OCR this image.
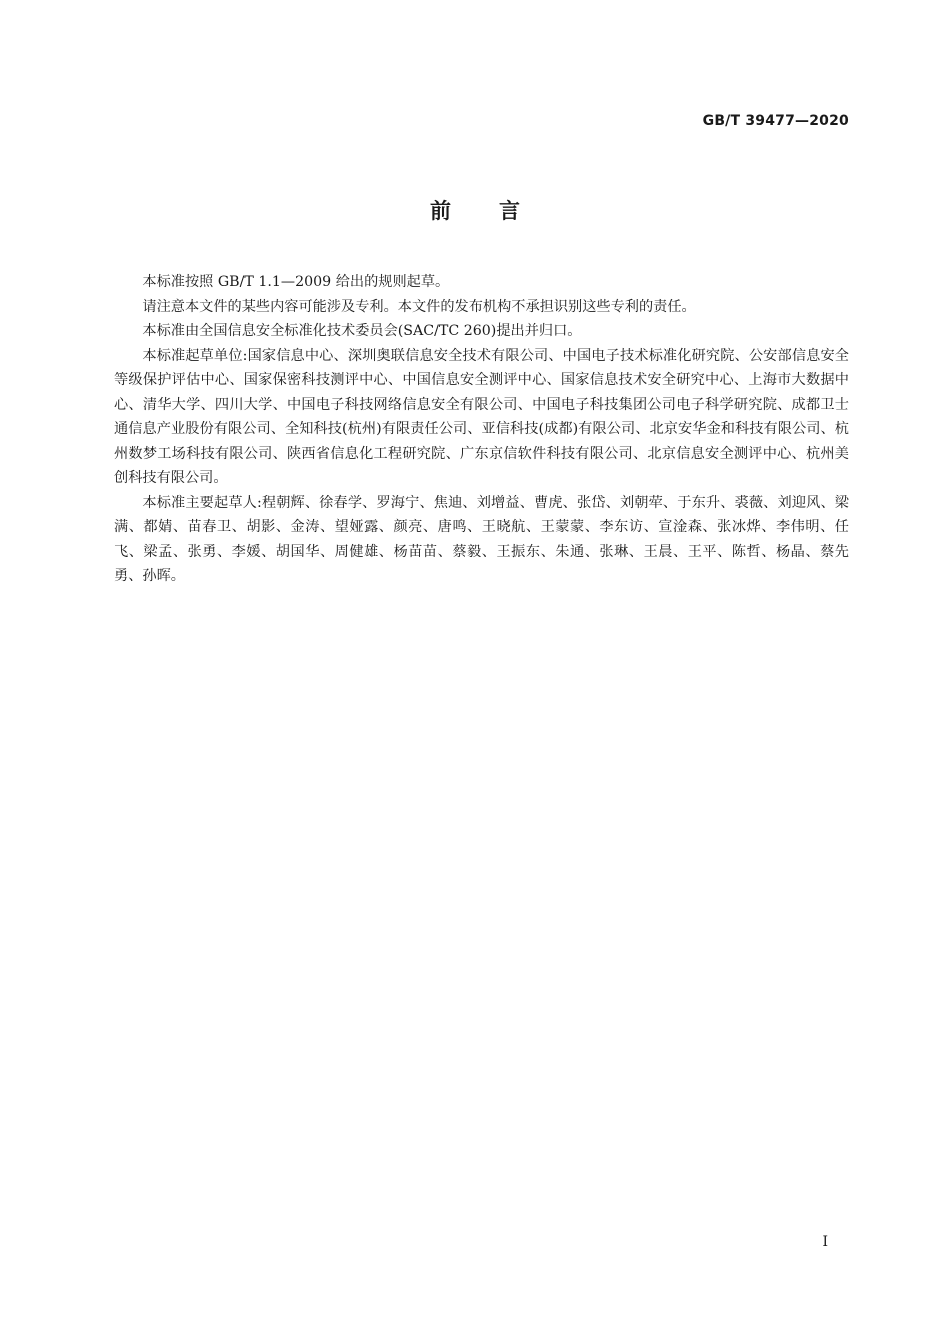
GB/T 39477—2020
前言

本标准按照 GB/T 1.1—2009 给出的规则起草。

请注意本文件的某些内容可能涉及专利。本文件的发布机构不承担识别这些专利的责任。

本标准由全国信息安全标准化技术委员会(SAC/TC 260)提出并归口。

本标准起草单位:国家信息中心、深圳奥联信息安全技术有限公司、中国电子技术标准化研究院、公安部信息安全等级保护评估中心、国家保密科技测评中心、中国信息安全测评中心、国家信息技术安全研究中心、上海市大数据中心、清华大学、四川大学、中国电子科技网络信息安全有限公司、中国电子科技集团公司电子科学研究院、成都卫士通信息产业股份有限公司、全知科技(杭州)有限责任公司、亚信科技(成都)有限公司、北京安华金和科技有限公司、杭州数梦工场科技有限公司、陕西省信息化工程研究院、广东京信软件科技有限公司、北京信息安全测评中心、杭州美创科技有限公司。

本标准主要起草人:程朝辉、徐春学、罗海宁、焦迪、刘增益、曹虎、张岱、刘朝荦、于东升、裘薇、刘迎风、梁满、都婧、苗春卫、胡影、金涛、望娅露、颜亮、唐鸣、王晓航、王蒙蒙、李东访、宣淦森、张冰烨、李伟明、任飞、梁孟、张勇、李媛、胡国华、周健雄、杨苗苗、蔡毅、王振东、朱通、张琳、王晨、王平、陈哲、杨晶、蔡先勇、孙晖。

I
